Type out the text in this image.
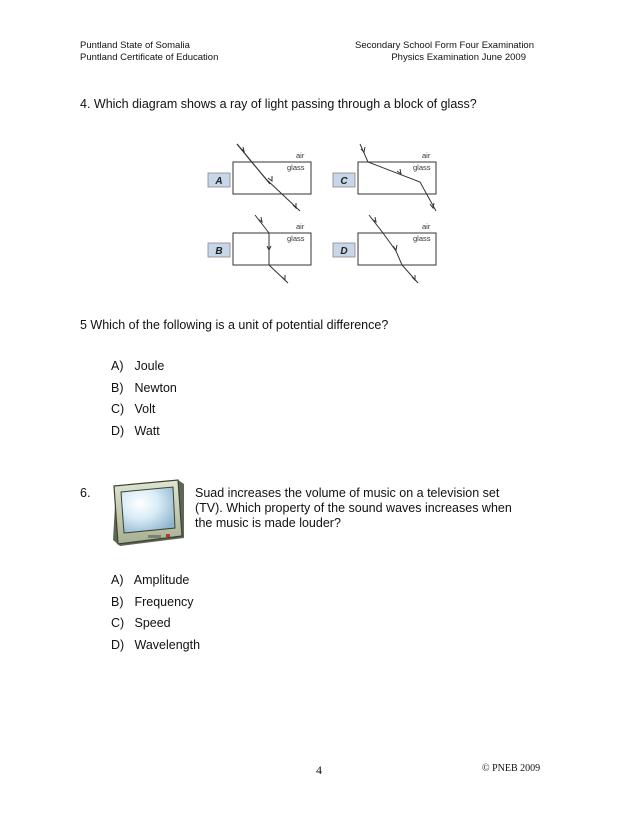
Puntland State of Somalia
Puntland Certificate of Education
Secondary School Form Four Examination
Physics Examination June 2009
4. Which diagram shows a ray of light passing through a block of glass?
air
glass
A
air
glass
C
air
glass
B
air
glass
D
5 Which of the following is a unit of potential difference?
A) Joule
B) Newton
C) Volt
D) Watt
6.	Suad increases the volume of music on a television set (TV). Which property of the sound waves increases when the music is made louder?
A) Amplitude
B) Frequency
C) Speed
D) Wavelength
4	© PNEB 2009
